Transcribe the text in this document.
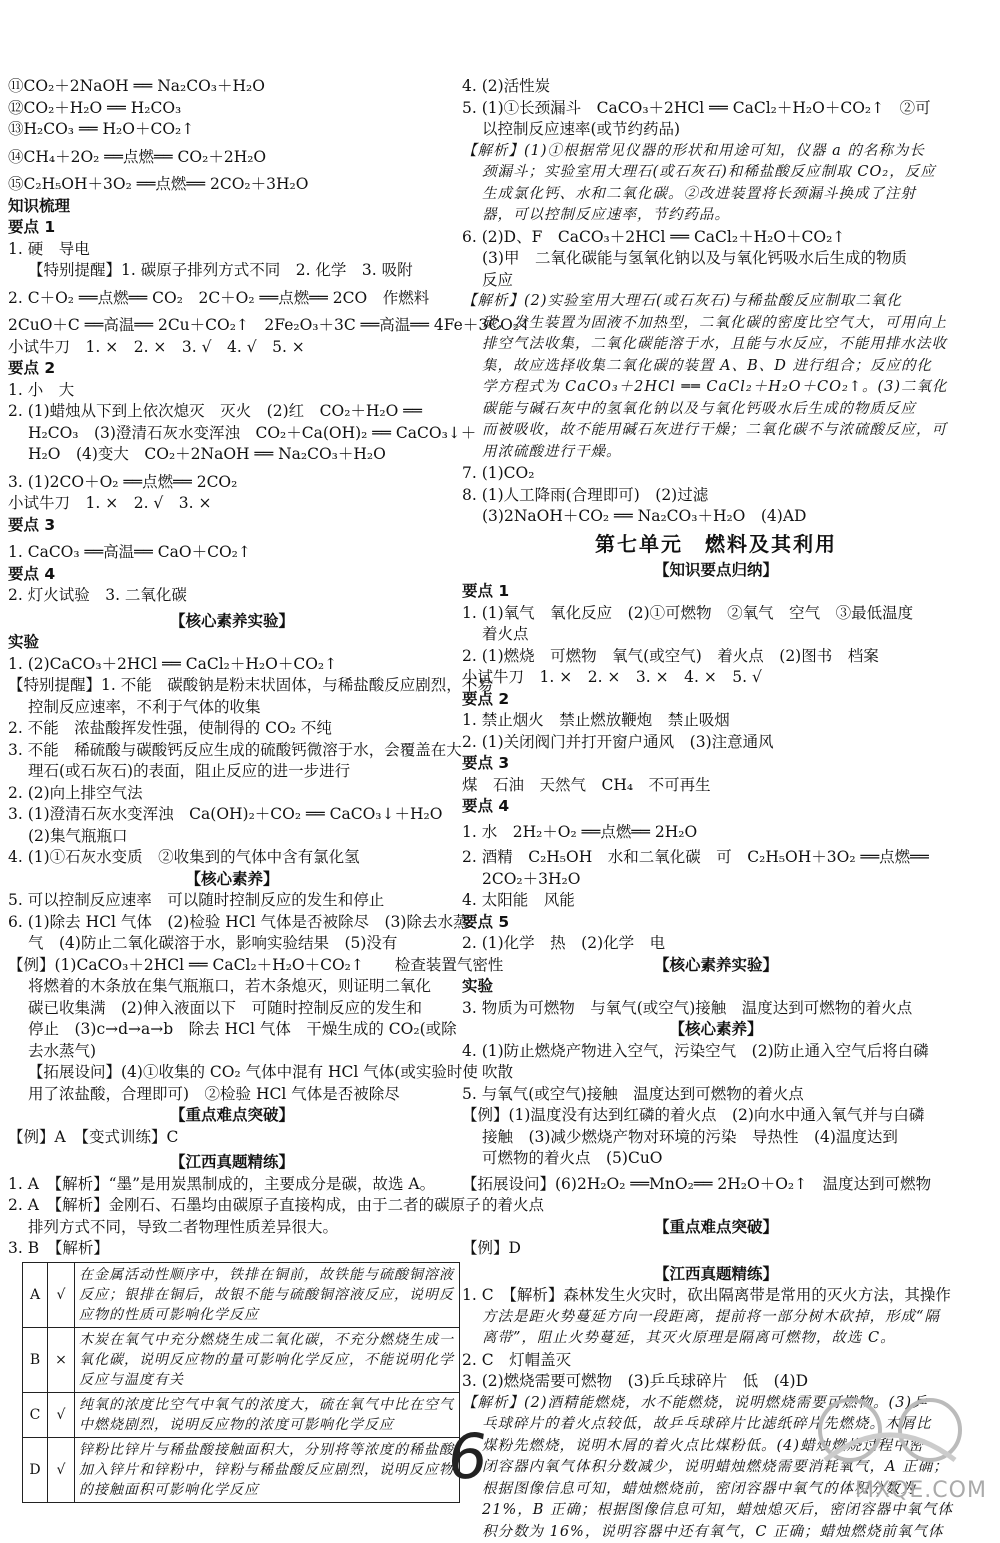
⑪CO₂＋2NaOH ══ Na₂CO₃＋H₂O
⑫CO₂＋H₂O ══ H₂CO₃
⑬H₂CO₃ ══ H₂O＋CO₂↑
⑭CH₄＋2O₂ ══点燃══ CO₂＋2H₂O
⑮C₂H₅OH＋3O₂ ══点燃══ 2CO₂＋3H₂O
知识梳理
要点 1
1. 硬　导电
【特别提醒】1. 碳原子排列方式不同　2. 化学　3. 吸附
2. C＋O₂ ══点燃══ CO₂　2C＋O₂ ══点燃══ 2CO　作燃料
2CuO＋C ══高温══ 2Cu＋CO₂↑　2Fe₂O₃＋3C ══高温══ 4Fe＋3CO₂↑
小试牛刀　1. ×　2. ×　3. √　4. √　5. ×
要点 2
1. 小　大
2. (1)蜡烛从下到上依次熄灭　灭火　(2)红　CO₂＋H₂O ══
H₂CO₃　(3)澄清石灰水变浑浊　CO₂＋Ca(OH)₂ ══ CaCO₃↓＋
H₂O　(4)变大　CO₂＋2NaOH ══ Na₂CO₃＋H₂O
3. (1)2CO＋O₂ ══点燃══ 2CO₂
小试牛刀　1. ×　2. √　3. ×
要点 3
1. CaCO₃ ══高温══ CaO＋CO₂↑
要点 4
2. 灯火试验　3. 二氧化碳
【核心素养实验】
实验
1. (2)CaCO₃＋2HCl ══ CaCl₂＋H₂O＋CO₂↑
【特别提醒】1. 不能　碳酸钠是粉末状固体，与稀盐酸反应剧烈，不易
控制反应速率，不利于气体的收集
2. 不能　浓盐酸挥发性强，使制得的 CO₂ 不纯
3. 不能　稀硫酸与碳酸钙反应生成的硫酸钙微溶于水，会覆盖在大
理石(或石灰石)的表面，阻止反应的进一步进行
2. (2)向上排空气法
3. (1)澄清石灰水变浑浊　Ca(OH)₂＋CO₂ ══ CaCO₃↓＋H₂O
(2)集气瓶瓶口
4. (1)①石灰水变质　②收集到的气体中含有氯化氢
【核心素养】
5. 可以控制反应速率　可以随时控制反应的发生和停止
6. (1)除去 HCl 气体　(2)检验 HCl 气体是否被除尽　(3)除去水蒸
气　(4)防止二氧化碳溶于水，影响实验结果　(5)没有
【例】(1)CaCO₃＋2HCl ══ CaCl₂＋H₂O＋CO₂↑　　检查装置气密性
将燃着的木条放在集气瓶瓶口，若木条熄灭，则证明二氧化
碳已收集满　(2)伸入液面以下　可随时控制反应的发生和
停止　(3)c→d→a→b　除去 HCl 气体　干燥生成的 CO₂(或除
去水蒸气)
【拓展设问】(4)①收集的 CO₂ 气体中混有 HCl 气体(或实验时使
用了浓盐酸，合理即可)　②检验 HCl 气体是否被除尽
【重点难点突破】
【例】A　【变式训练】C
【江西真题精练】
1. A　【解析】“墨”是用炭黑制成的，主要成分是碳，故选 A。
2. A　【解析】金刚石、石墨均由碳原子直接构成，由于二者的碳原子
排列方式不同，导致二者物理性质差异很大。
3. B　【解析】
A	√	在金属活动性顺序中，铁排在铜前，故铁能与硫酸铜溶液反应；银排在铜后，故银不能与硫酸铜溶液反应，说明反应物的性质可影响化学反应
B	×	木炭在氧气中充分燃烧生成二氧化碳，不充分燃烧生成一氧化碳，说明反应物的量可影响化学反应，不能说明化学反应与温度有关
C	√	纯氧的浓度比空气中氧气的浓度大，硫在氧气中比在空气中燃烧剧烈，说明反应物的浓度可影响化学反应
D	√	锌粉比锌片与稀盐酸接触面积大，分别将等浓度的稀盐酸加入锌片和锌粉中，锌粉与稀盐酸反应剧烈，说明反应物的接触面积可影响化学反应
4. (2)活性炭
5. (1)①长颈漏斗　CaCO₃＋2HCl ══ CaCl₂＋H₂O＋CO₂↑　②可
以控制反应速率(或节约药品)
【解析】(1)①根据常见仪器的形状和用途可知，仪器 a 的名称为长
颈漏斗；实验室用大理石(或石灰石)和稀盐酸反应制取 CO₂，反应
生成氯化钙、水和二氧化碳。②改进装置将长颈漏斗换成了注射
器，可以控制反应速率，节约药品。
6. (2)D、F　CaCO₃＋2HCl ══ CaCl₂＋H₂O＋CO₂↑
(3)甲　二氧化碳能与氢氧化钠以及与氧化钙吸水后生成的物质
反应
【解析】(2)实验室用大理石(或石灰石)与稀盐酸反应制取二氧化
碳，发生装置为固液不加热型，二氧化碳的密度比空气大，可用向上
排空气法收集，二氧化碳能溶于水，且能与水反应，不能用排水法收
集，故应选择收集二氧化碳的装置 A、B、D 进行组合；反应的化
学方程式为 CaCO₃＋2HCl ══ CaCl₂＋H₂O＋CO₂↑。(3)二氧化
碳能与碱石灰中的氢氧化钠以及与氧化钙吸水后生成的物质反应
而被吸收，故不能用碱石灰进行干燥；二氧化碳不与浓硫酸反应，可
用浓硫酸进行干燥。
7. (1)CO₂
8. (1)人工降雨(合理即可)　(2)过滤
(3)2NaOH＋CO₂ ══ Na₂CO₃＋H₂O　(4)AD
第七单元　燃料及其利用
【知识要点归纳】
要点 1
1. (1)氧气　氧化反应　(2)①可燃物　②氧气　空气　③最低温度
着火点
2. (1)燃烧　可燃物　氧气(或空气)　着火点　(2)图书　档案
小试牛刀　1. ×　2. ×　3. ×　4. ×　5. √
要点 2
1. 禁止烟火　禁止燃放鞭炮　禁止吸烟
2. (1)关闭阀门并打开窗户通风　(3)注意通风
要点 3
煤　石油　天然气　CH₄　不可再生
要点 4
1. 水　2H₂＋O₂ ══点燃══ 2H₂O
2. 酒精　C₂H₅OH　水和二氧化碳　可　C₂H₅OH＋3O₂ ══点燃══
2CO₂＋3H₂O
4. 太阳能　风能
要点 5
2. (1)化学　热　(2)化学　电
【核心素养实验】
实验
3. 物质为可燃物　与氧气(或空气)接触　温度达到可燃物的着火点
【核心素养】
4. (1)防止燃烧产物进入空气，污染空气　(2)防止通入空气后将白磷
吹散
5. 与氧气(或空气)接触　温度达到可燃物的着火点
【例】(1)温度没有达到红磷的着火点　(2)向水中通入氧气并与白磷
接触　(3)减少燃烧产物对环境的污染　导热性　(4)温度达到
可燃物的着火点　(5)CuO
【拓展设问】(6)2H₂O₂ ══MnO₂══ 2H₂O＋O₂↑　温度达到可燃物
的着火点
【重点难点突破】
【例】D
【江西真题精练】
1. C　【解析】森林发生火灾时，砍出隔离带是常用的灭火方法，其操作
方法是距火势蔓延方向一段距离，提前将一部分树木砍掉，形成“隔
离带”，阻止火势蔓延，其灭火原理是隔离可燃物，故选 C。
2. C　灯帽盖灭
3. (2)燃烧需要可燃物　(3)乒乓球碎片　低　(4)D
【解析】(2)酒精能燃烧，水不能燃烧，说明燃烧需要可燃物。(3)乒
乓球碎片的着火点较低，故乒乓球碎片比滤纸碎片先燃烧。木屑比
煤粉先燃烧，说明木屑的着火点比煤粉低。(4)蜡烛燃烧过程中密
闭容器内氧气体积分数减少，说明蜡烛燃烧需要消耗氧气，A 正确；
根据图像信息可知，蜡烛燃烧前，密闭容器中氧气的体积分数为
21%，B 正确；根据图像信息可知，蜡烛熄灭后，密闭容器中氧气体
积分数为 16%，说明容器中还有氧气，C 正确；蜡烛燃烧前氧气体
6	MXQE.COM
